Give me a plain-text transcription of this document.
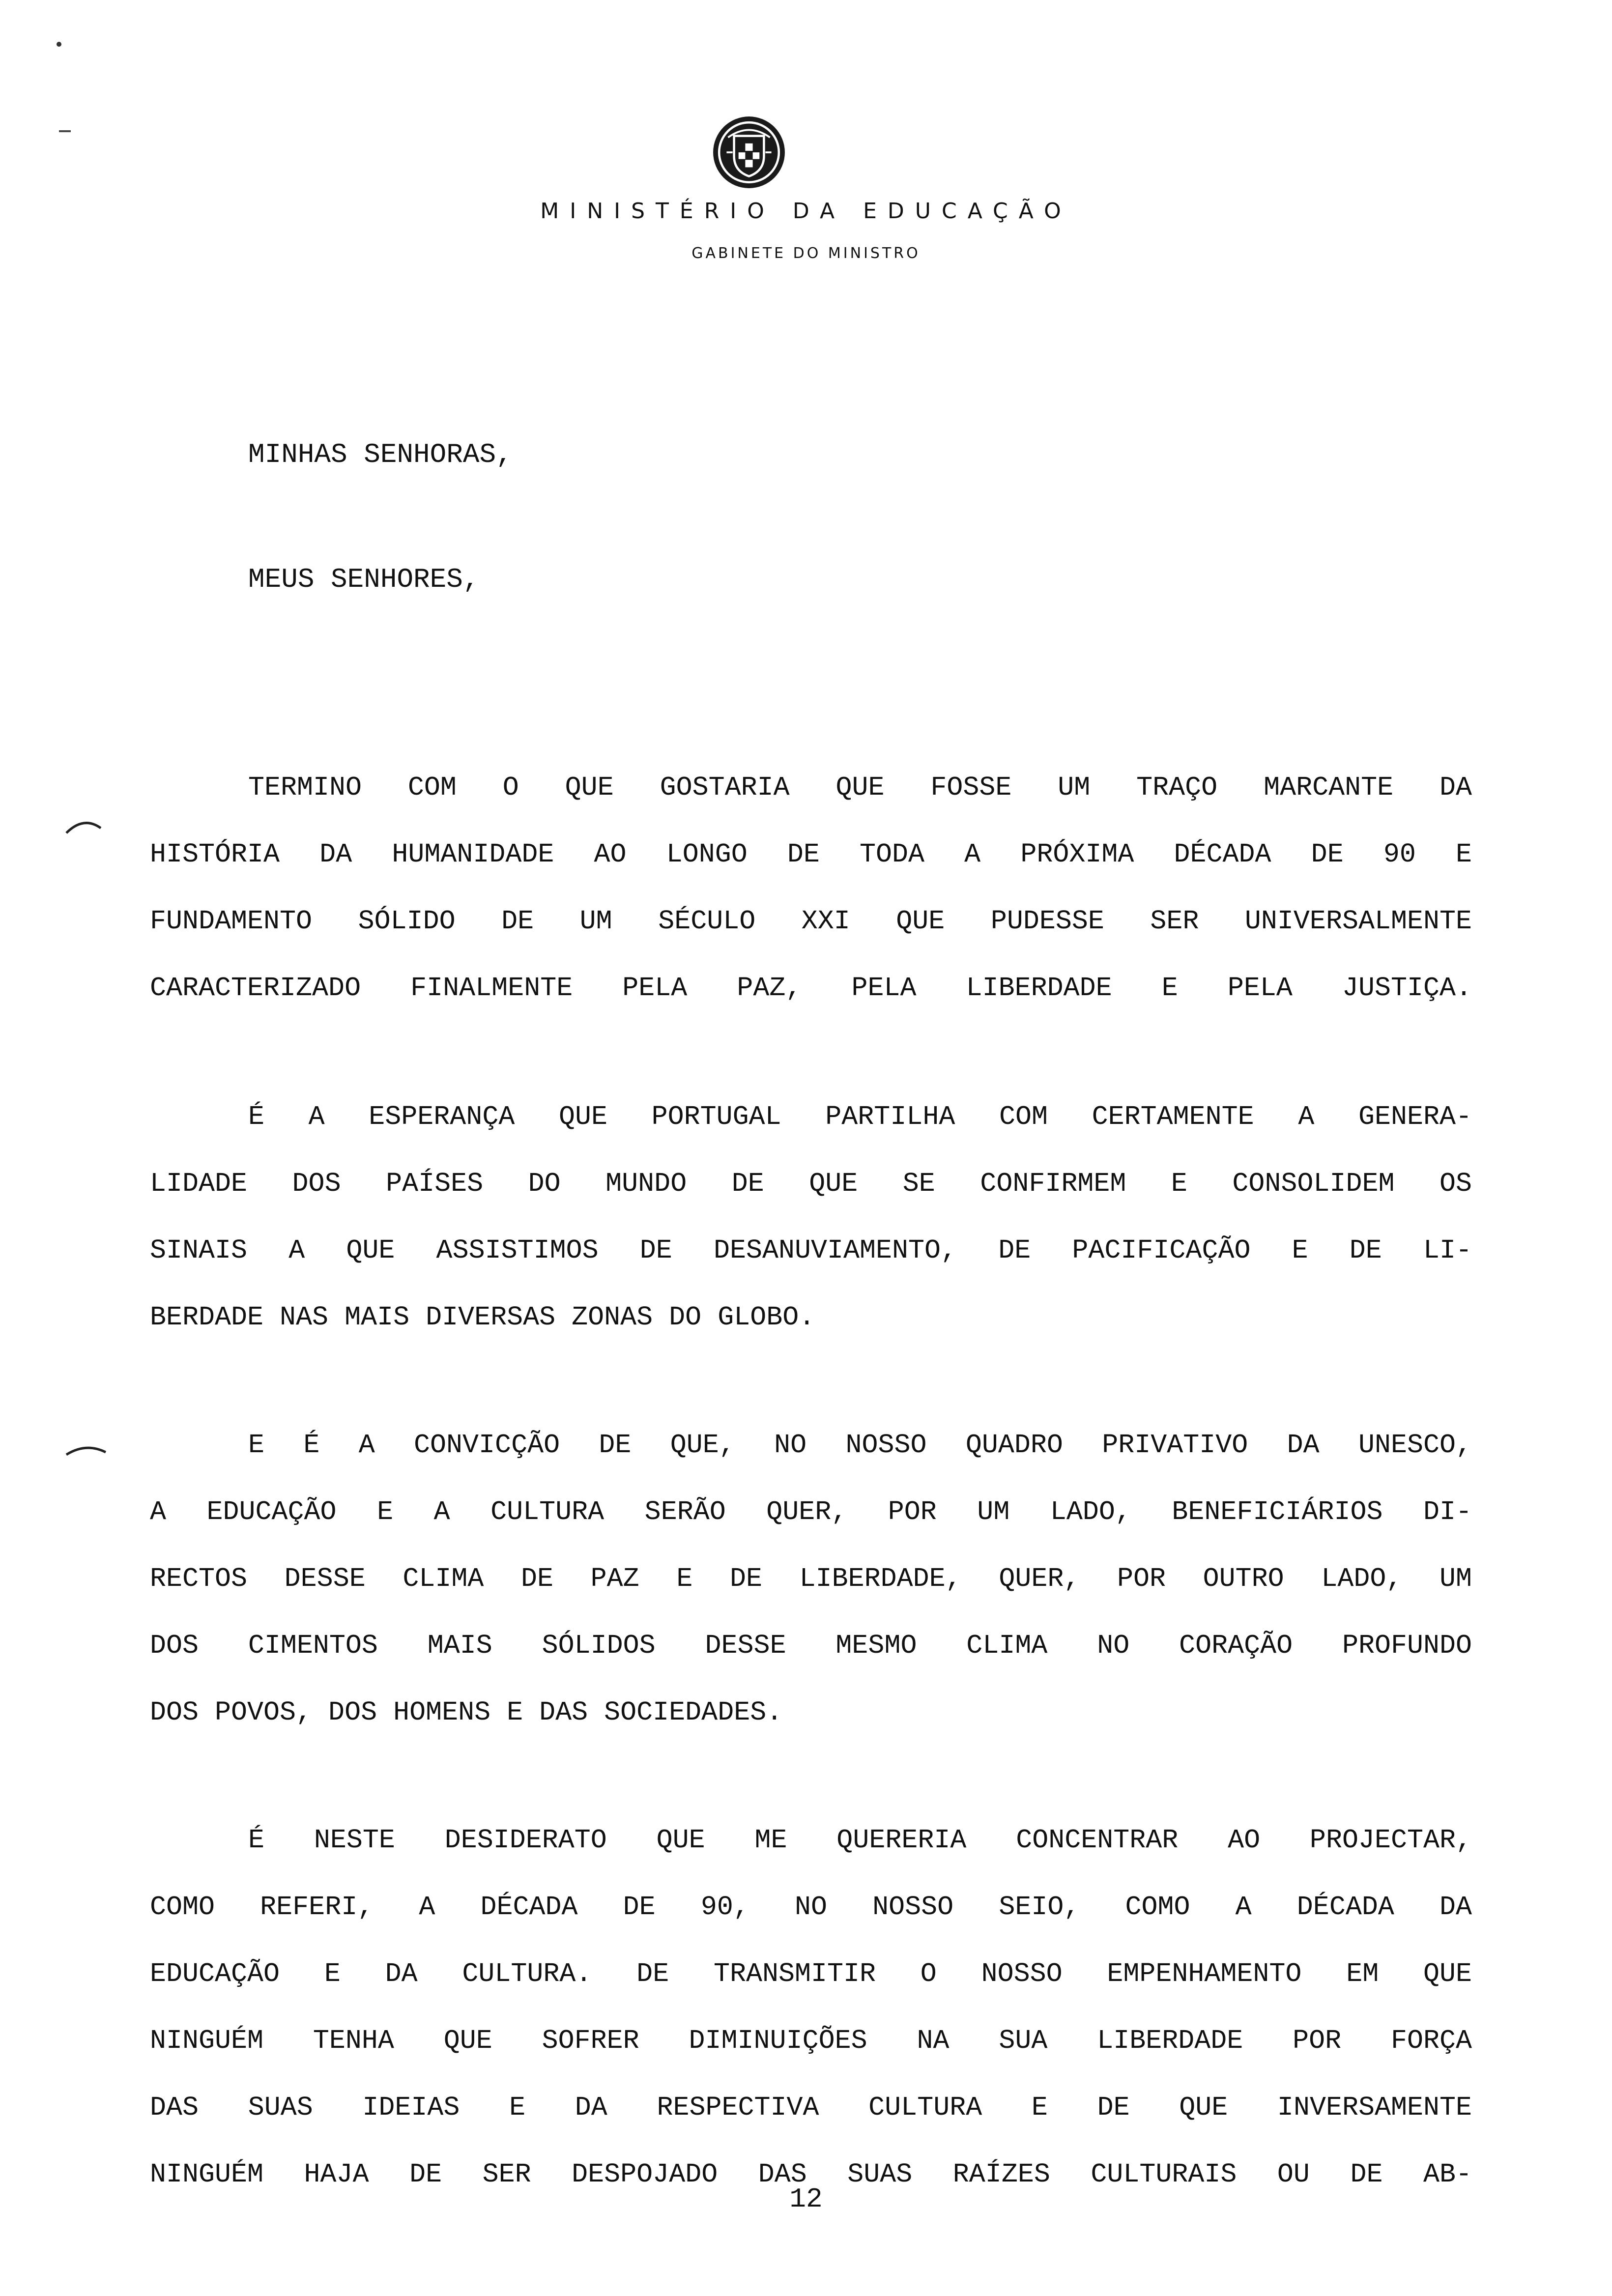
MINISTÉRIO DA EDUCAÇÃO
GABINETE DO MINISTRO
MINHAS SENHORAS,
MEUS SENHORES,
TERMINO COM O QUE GOSTARIA QUE FOSSE UM TRAÇO MARCANTE DA
HISTÓRIA DA HUMANIDADE AO LONGO DE TODA A PRÓXIMA DÉCADA DE 90 E
FUNDAMENTO SÓLIDO DE UM SÉCULO XXI QUE PUDESSE SER UNIVERSALMENTE
CARACTERIZADO FINALMENTE PELA PAZ, PELA LIBERDADE E PELA JUSTIÇA.
É A ESPERANÇA QUE PORTUGAL PARTILHA COM CERTAMENTE A GENERA-
LIDADE DOS PAÍSES DO MUNDO DE QUE SE CONFIRMEM E CONSOLIDEM OS
SINAIS A QUE ASSISTIMOS DE DESANUVIAMENTO, DE PACIFICAÇÃO E DE LI-
BERDADE NAS MAIS DIVERSAS ZONAS DO GLOBO.
E É A CONVICÇÃO DE QUE, NO NOSSO QUADRO PRIVATIVO DA UNESCO,
A EDUCAÇÃO E A CULTURA SERÃO QUER, POR UM LADO, BENEFICIÁRIOS DI-
RECTOS DESSE CLIMA DE PAZ E DE LIBERDADE, QUER, POR OUTRO LADO, UM
DOS CIMENTOS MAIS SÓLIDOS DESSE MESMO CLIMA NO CORAÇÃO PROFUNDO
DOS POVOS, DOS HOMENS E DAS SOCIEDADES.
É NESTE DESIDERATO QUE ME QUERERIA CONCENTRAR AO PROJECTAR,
COMO REFERI, A DÉCADA DE 90, NO NOSSO SEIO, COMO A DÉCADA DA
EDUCAÇÃO E DA CULTURA. DE TRANSMITIR O NOSSO EMPENHAMENTO EM QUE
NINGUÉM TENHA QUE SOFRER DIMINUIÇÕES NA SUA LIBERDADE POR FORÇA
DAS SUAS IDEIAS E DA RESPECTIVA CULTURA E DE QUE INVERSAMENTE
NINGUÉM HAJA DE SER DESPOJADO DAS SUAS RAÍZES CULTURAIS OU DE AB-
12
